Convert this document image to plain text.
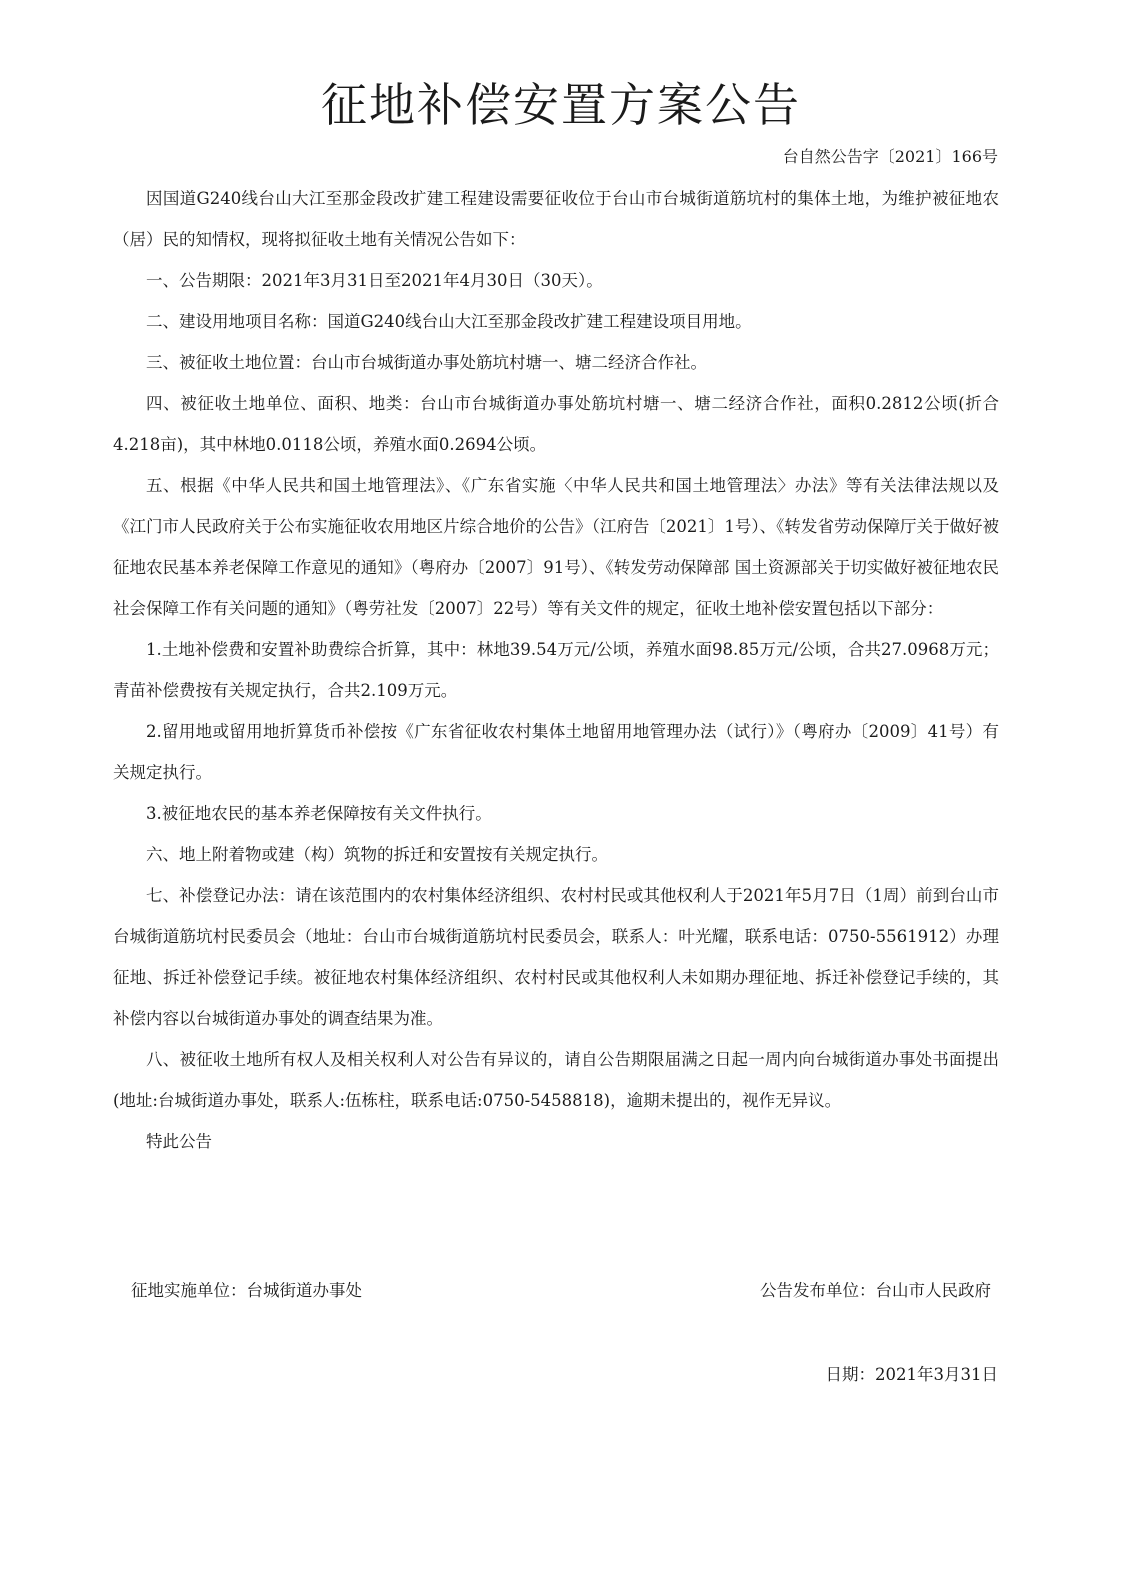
征地补偿安置方案公告
台自然公告字〔2021〕166号

因国道G240线台山大江至那金段改扩建工程建设需要征收位于台山市台城街道筋坑村的集体土地，为维护被征地农（居）民的知情权，现将拟征收土地有关情况公告如下：

一、公告期限：2021年3月31日至2021年4月30日（30天）。

二、建设用地项目名称：国道G240线台山大江至那金段改扩建工程建设项目用地。

三、被征收土地位置：台山市台城街道办事处筋坑村塘一、塘二经济合作社。

四、被征收土地单位、面积、地类：台山市台城街道办事处筋坑村塘一、塘二经济合作社，面积0.2812公顷(折合4.218亩)，其中林地0.0118公顷，养殖水面0.2694公顷。

五、根据《中华人民共和国土地管理法》、《广东省实施〈中华人民共和国土地管理法〉办法》等有关法律法规以及《江门市人民政府关于公布实施征收农用地区片综合地价的公告》（江府告〔2021〕1号）、《转发省劳动保障厅关于做好被征地农民基本养老保障工作意见的通知》（粤府办〔2007〕91号）、《转发劳动保障部 国土资源部关于切实做好被征地农民社会保障工作有关问题的通知》（粤劳社发〔2007〕22号）等有关文件的规定，征收土地补偿安置包括以下部分：

1.土地补偿费和安置补助费综合折算，其中：林地39.54万元/公顷，养殖水面98.85万元/公顷，合共27.0968万元；青苗补偿费按有关规定执行，合共2.109万元。

2.留用地或留用地折算货币补偿按《广东省征收农村集体土地留用地管理办法（试行）》（粤府办〔2009〕41号）有关规定执行。

3.被征地农民的基本养老保障按有关文件执行。

六、地上附着物或建（构）筑物的拆迁和安置按有关规定执行。

七、补偿登记办法：请在该范围内的农村集体经济组织、农村村民或其他权利人于2021年5月7日（1周）前到台山市台城街道筋坑村民委员会（地址：台山市台城街道筋坑村民委员会，联系人：叶光耀，联系电话：0750-5561912）办理征地、拆迁补偿登记手续。被征地农村集体经济组织、农村村民或其他权利人未如期办理征地、拆迁补偿登记手续的，其补偿内容以台城街道办事处的调查结果为准。

八、被征收土地所有权人及相关权利人对公告有异议的，请自公告期限届满之日起一周内向台城街道办事处书面提出(地址:台城街道办事处，联系人:伍栋柱，联系电话:0750-5458818)，逾期未提出的，视作无异议。

特此公告

征地实施单位：台城街道办事处	公告发布单位：台山市人民政府
日期：2021年3月31日
